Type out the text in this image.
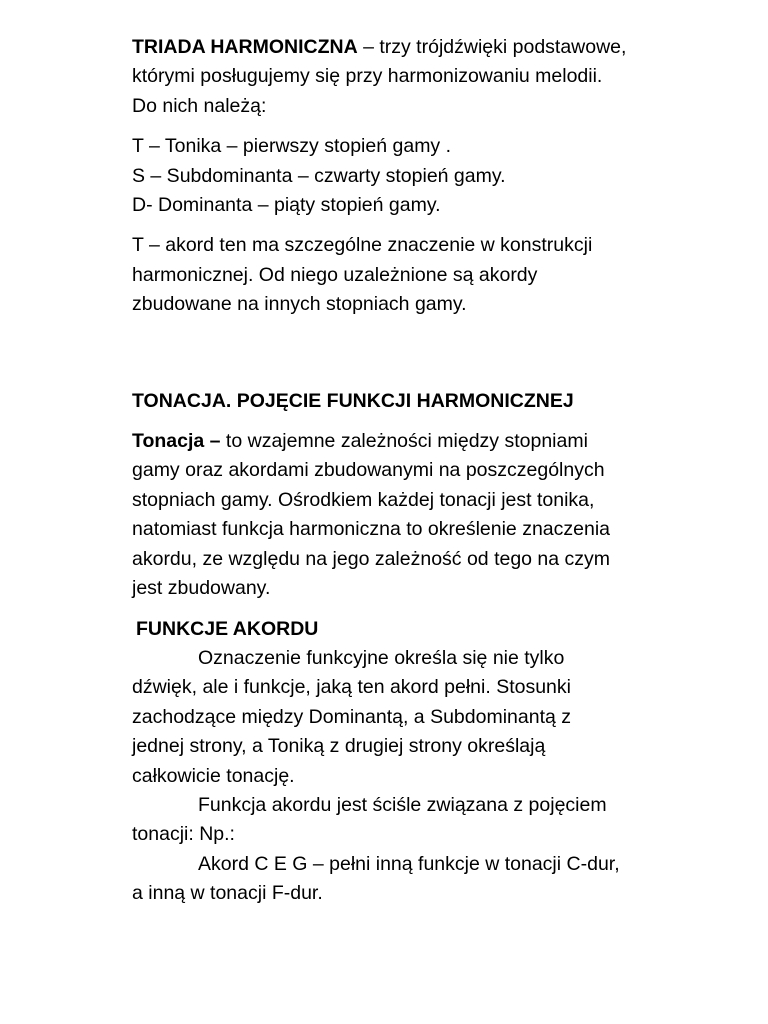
TRIADA HARMONICZNA – trzy trójdźwięki podstawowe,
którymi posługujemy się przy harmonizowaniu melodii.
Do nich należą:

T – Tonika – pierwszy stopień gamy .
S – Subdominanta – czwarty stopień gamy.
D- Dominanta – piąty stopień gamy.

T – akord ten ma szczególne znaczenie w konstrukcji
harmonicznej. Od niego uzależnione są akordy
zbudowane na innych stopniach gamy.

TONACJA. POJĘCIE FUNKCJI HARMONICZNEJ

Tonacja – to wzajemne zależności między stopniami
gamy oraz akordami zbudowanymi na poszczególnych
stopniach gamy. Ośrodkiem każdej tonacji jest tonika,
natomiast funkcja harmoniczna to określenie znaczenia
akordu, ze względu na jego zależność od tego na czym
jest zbudowany.

FUNKCJE AKORDU

Oznaczenie funkcyjne określa się nie tylko
dźwięk, ale i funkcje, jaką ten akord pełni. Stosunki
zachodzące między Dominantą, a Subdominantą z
jednej strony, a Toniką z drugiej strony określają
całkowicie tonację.

Funkcja akordu jest ściśle związana z pojęciem
tonacji: Np.:

Akord C E G – pełni inną funkcje w tonacji C-dur,
a inną w tonacji F-dur.
